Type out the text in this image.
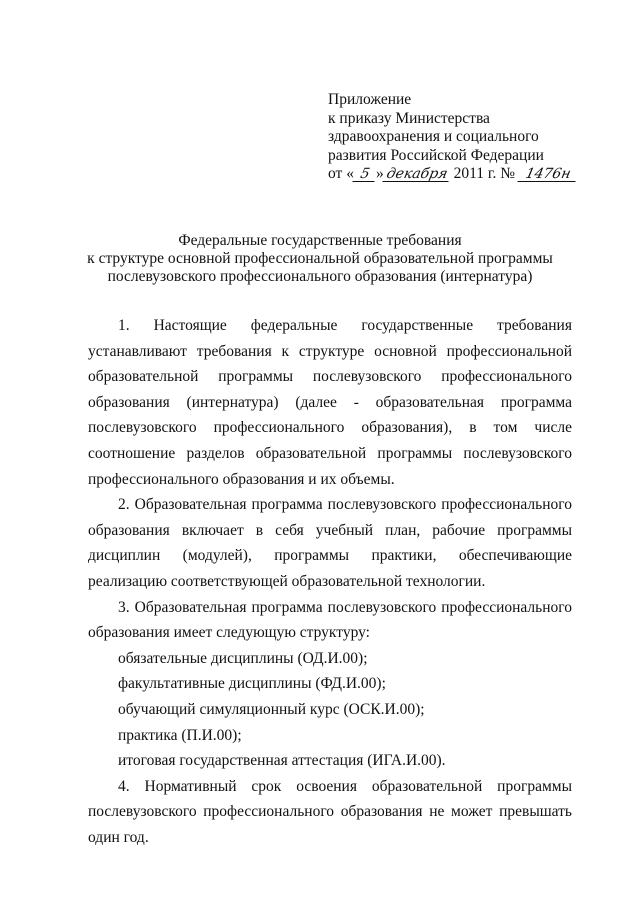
Приложение
к приказу Министерства
здравоохранения и социального
развития Российской Федерации
от « 5 »декабря 2011 г. № 1476н
Федеральные государственные требования
к структуре основной профессиональной образовательной программы
послевузовского профессионального образования (интернатура)

1. Настоящие федеральные государственные требования устанавливают требования к структуре основной профессиональной образовательной программы послевузовского профессионального образования (интернатура) (далее - образовательная программа послевузовского профессионального образования), в том числе соотношение разделов образовательной программы послевузовского профессионального образования и их объемы.

2. Образовательная программа послевузовского профессионального образования включает в себя учебный план, рабочие программы дисциплин (модулей), программы практики, обеспечивающие реализацию соответствующей образовательной технологии.

3. Образовательная программа послевузовского профессионального образования имеет следующую структуру:

обязательные дисциплины (ОД.И.00);

факультативные дисциплины (ФД.И.00);

обучающий симуляционный курс (ОСК.И.00);

практика (П.И.00);

итоговая государственная аттестация (ИГА.И.00).

4. Нормативный срок освоения образовательной программы послевузовского профессионального образования не может превышать один год.
